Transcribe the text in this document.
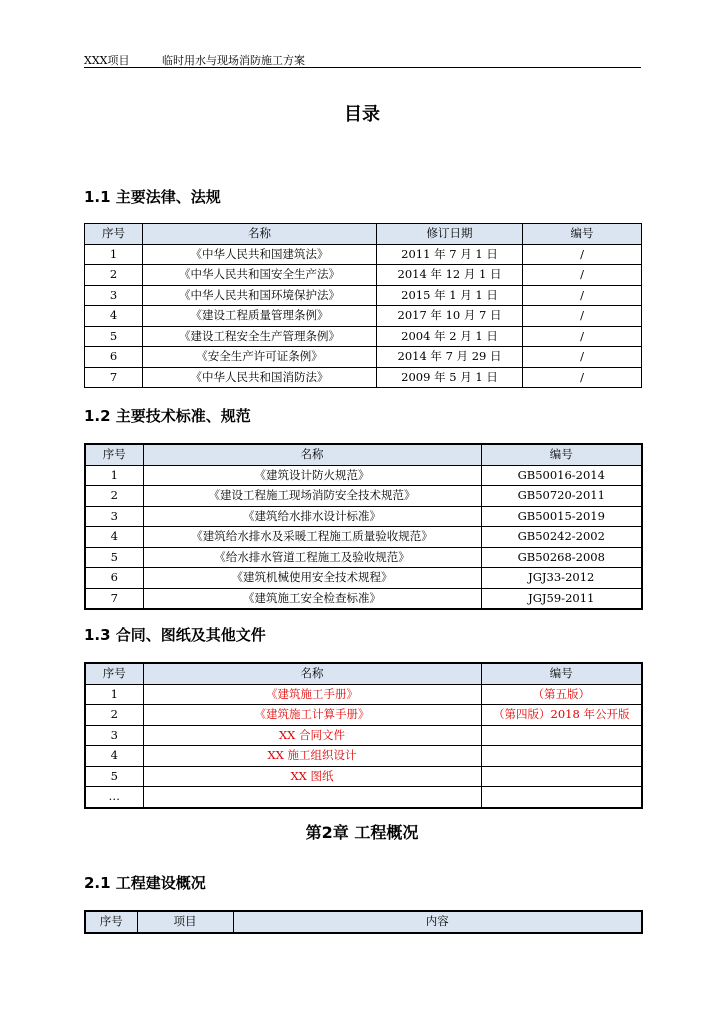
XXX项目	临时用水与现场消防施工方案
目录
1.1 主要法律、法规
序号	名称	修订日期	编号
1	《中华人民共和国建筑法》	2011 年 7 月 1 日	/
2	《中华人民共和国安全生产法》	2014 年 12 月 1 日	/
3	《中华人民共和国环境保护法》	2015 年 1 月 1 日	/
4	《建设工程质量管理条例》	2017 年 10 月 7 日	/
5	《建设工程安全生产管理条例》	2004 年 2 月 1 日	/
6	《安全生产许可证条例》	2014 年 7 月 29 日	/
7	《中华人民共和国消防法》	2009 年 5 月 1 日	/
1.2 主要技术标准、规范
序号	名称	编号
1	《建筑设计防火规范》	GB50016-2014
2	《建设工程施工现场消防安全技术规范》	GB50720-2011
3	《建筑给水排水设计标准》	GB50015-2019
4	《建筑给水排水及采暖工程施工质量验收规范》	GB50242-2002
5	《给水排水管道工程施工及验收规范》	GB50268-2008
6	《建筑机械使用安全技术规程》	JGJ33-2012
7	《建筑施工安全检查标准》	JGJ59-2011
1.3 合同、图纸及其他文件
序号	名称	编号
1	《建筑施工手册》	（第五版）
2	《建筑施工计算手册》	（第四版）2018 年公开版
3	XX 合同文件	
4	XX 施工组织设计	
5	XX 图纸	
…		
第2章 工程概况
2.1 工程建设概况
序号	项目	内容
